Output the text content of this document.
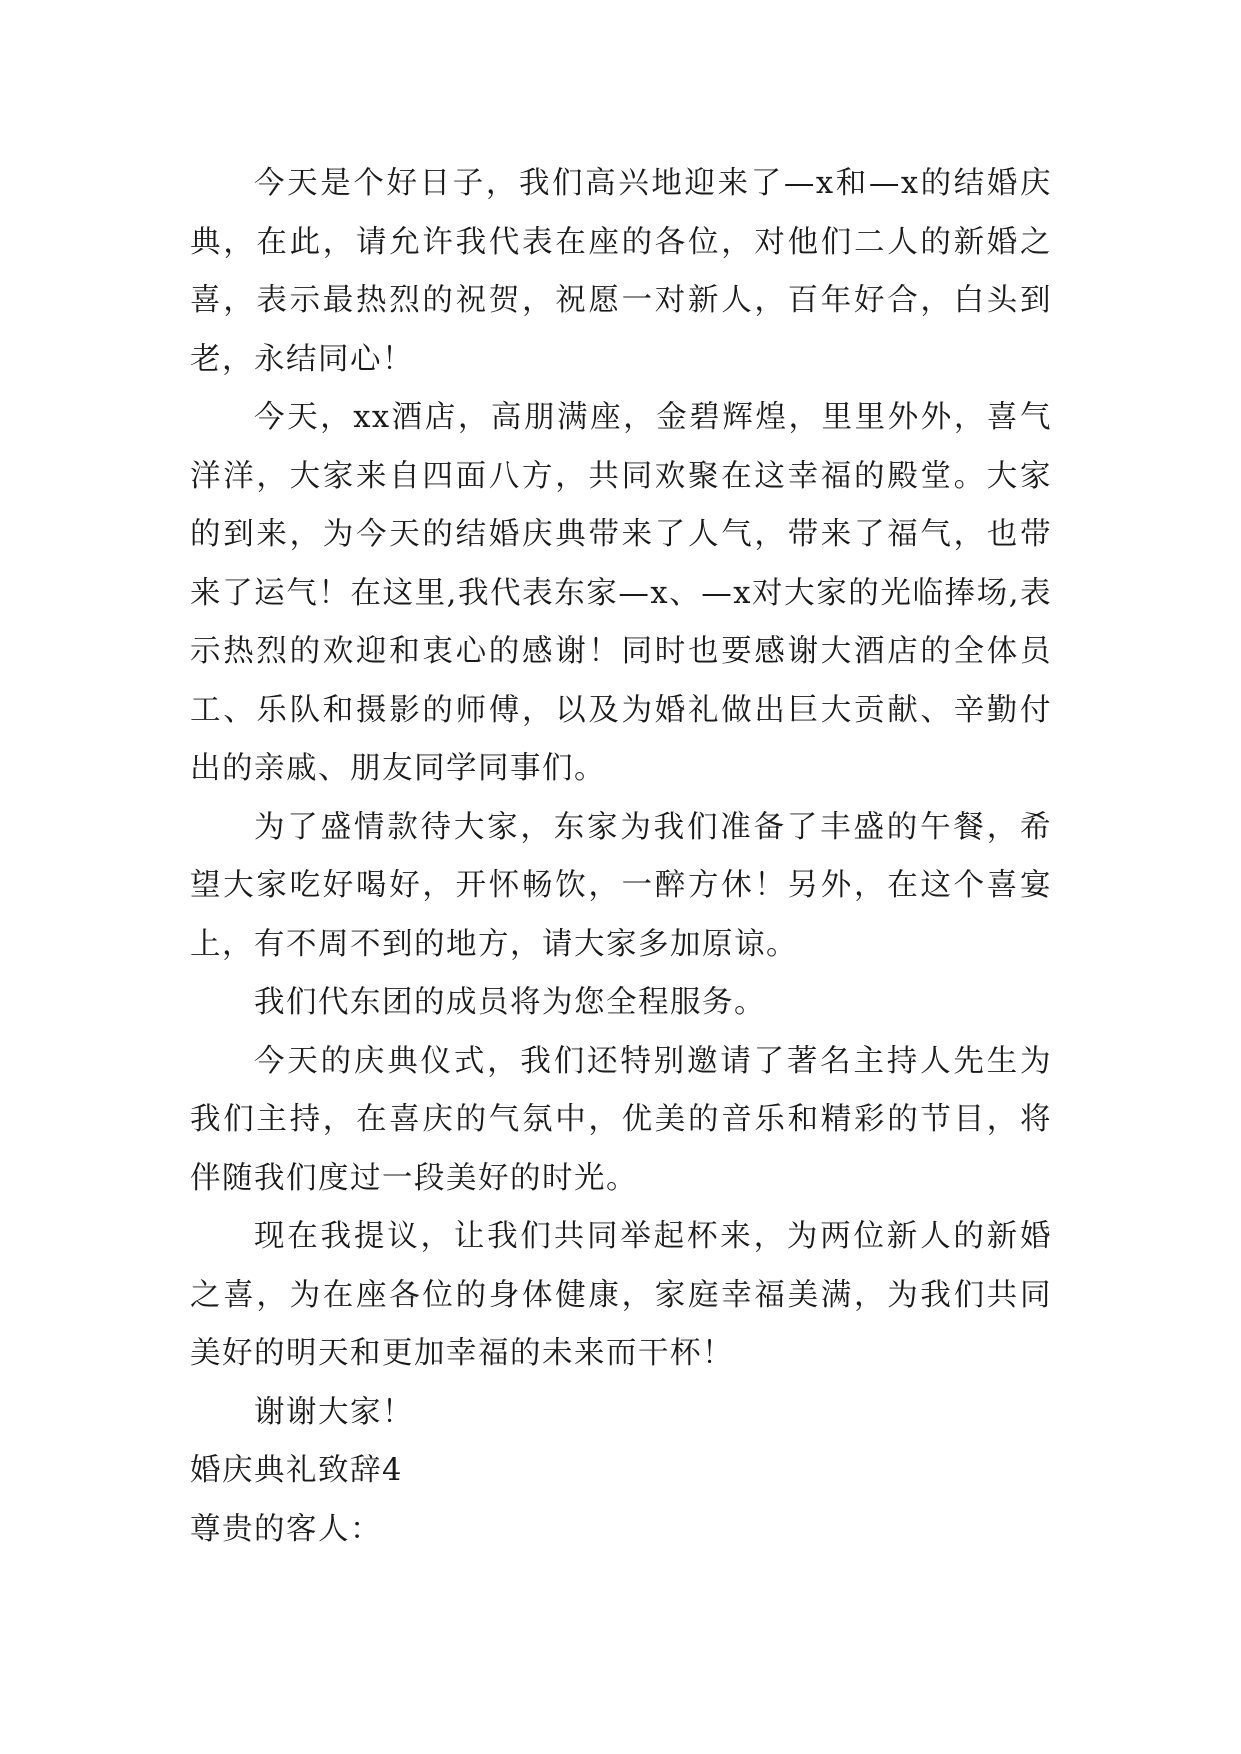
今天是个好日子，我们高兴地迎来了—x和—x的结婚庆典，在此，请允许我代表在座的各位，对他们二人的新婚之喜，表示最热烈的祝贺，祝愿一对新人，百年好合，白头到老，永结同心！

今天，xx酒店，高朋满座，金碧辉煌，里里外外，喜气洋洋，大家来自四面八方，共同欢聚在这幸福的殿堂。大家的到来，为今天的结婚庆典带来了人气，带来了福气，也带来了运气！在这里,我代表东家—x、—x对大家的光临捧场,表示热烈的欢迎和衷心的感谢！同时也要感谢大酒店的全体员工、乐队和摄影的师傅，以及为婚礼做出巨大贡献、辛勤付出的亲戚、朋友同学同事们。

为了盛情款待大家，东家为我们准备了丰盛的午餐，希望大家吃好喝好，开怀畅饮，一醉方休！另外，在这个喜宴上，有不周不到的地方，请大家多加原谅。

我们代东团的成员将为您全程服务。

今天的庆典仪式，我们还特别邀请了著名主持人先生为我们主持，在喜庆的气氛中，优美的音乐和精彩的节目，将伴随我们度过一段美好的时光。

现在我提议，让我们共同举起杯来，为两位新人的新婚之喜，为在座各位的身体健康，家庭幸福美满，为我们共同美好的明天和更加幸福的未来而干杯！

谢谢大家！

婚庆典礼致辞4

尊贵的客人：
